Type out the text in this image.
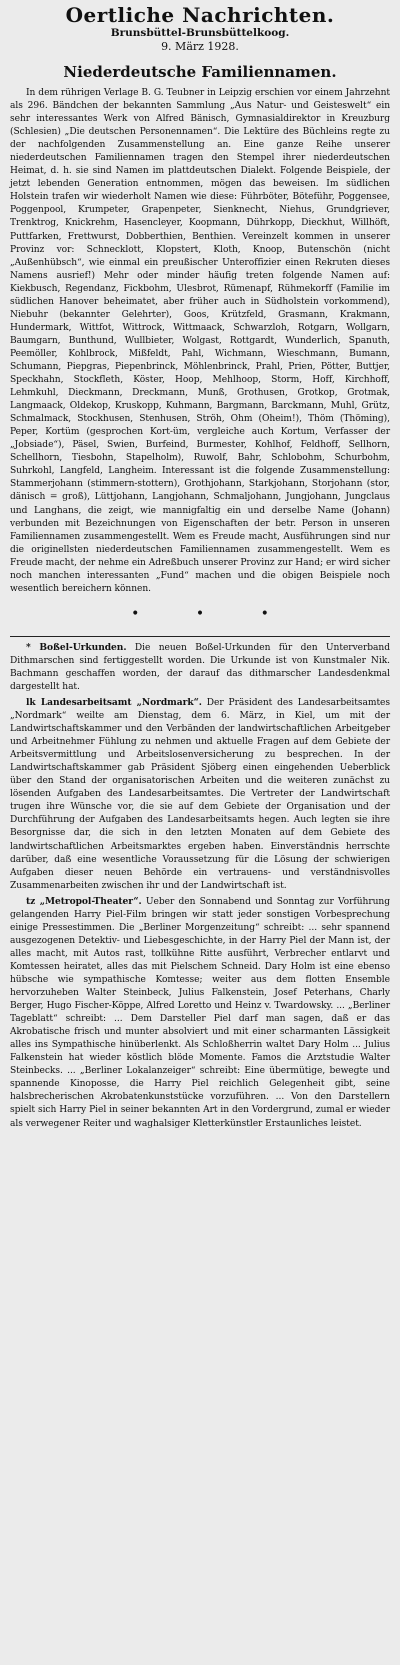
Oertliche Nachrichten.
Brunsbüttel-Brunsbüttelkoog.
9. März 1928.
Niederdeutsche Familiennamen.

In dem rührigen Verlage B. G. Teubner in Leipzig erschien vor einem Jahrzehnt als 296. Bändchen der bekannten Sammlung „Aus Natur- und Geisteswelt“ ein sehr interessantes Werk von Alfred Bänisch, Gymnasialdirektor in Kreuzburg (Schlesien) „Die deutschen Personennamen“. Die Lektüre des Büchleins regte zu der nachfolgenden Zusammenstellung an. Eine ganze Reihe unserer niederdeutschen Familiennamen tragen den Stempel ihrer niederdeutschen Heimat, d. h. sie sind Namen im plattdeutschen Dialekt. Folgende Beispiele, der jetzt lebenden Generation entnommen, mögen das beweisen. Im südlichen Holstein trafen wir wiederholt Namen wie diese: Führböter, Böteführ, Poggensee, Poggenpool, Krumpeter, Grapenpeter, Sienknecht, Niehus, Grundgriever, Trenktrog, Knickrehm, Hasencleyer, Koopmann, Dührkopp, Dieckhut, Willhöft, Puttfarken, Frettwurst, Dobberthien, Benthien. Vereinzelt kommen in unserer Provinz vor: Schnecklott, Klopstert, Kloth, Knoop, Butenschön (nicht „Außenhübsch“, wie einmal ein preußischer Unteroffizier einen Rekruten dieses Namens ausrief!) Mehr oder minder häufig treten folgende Namen auf: Kiekbusch, Regendanz, Fickbohm, Ulesbrot, Rümenapf, Rühmekorff (Familie im südlichen Hanover beheimatet, aber früher auch in Südholstein vorkommend), Niebuhr (bekannter Gelehrter), Goos, Krützfeld, Grasmann, Krakmann, Hundermark, Wittfot, Wittrock, Wittmaack, Schwarzloh, Rotgarn, Wollgarn, Baumgarn, Bunthund, Wullbieter, Wolgast, Rottgardt, Wunderlich, Spanuth, Peemöller, Kohlbrock, Mißfeldt, Pahl, Wichmann, Wieschmann, Bumann, Schumann, Piepgras, Piepenbrinck, Möhlenbrinck, Prahl, Prien, Pötter, Buttjer, Speckhahn, Stockfleth, Köster, Hoop, Mehlhoop, Storm, Hoff, Kirchhoff, Lehmkuhl, Dieckmann, Dreckmann, Munß, Grothusen, Grotkop, Grotmak, Langmaack, Oldekop, Kruskopp, Kuhmann, Bargmann, Barckmann, Muhl, Grütz, Schmalmack, Stockhusen, Stenhusen, Ströh, Ohm (Oheim!), Thöm (Thöming), Peper, Kortüm (gesprochen Kort-üm, vergleiche auch Kortum, Verfasser der „Jobsiade“), Päsel, Swien, Burfeind, Burmester, Kohlhof, Feldhoff, Sellhorn, Schellhorn, Tiesbohn, Stapelholm), Ruwolf, Bahr, Schlobohm, Schurbohm, Suhrkohl, Langfeld, Langheim. Interessant ist die folgende Zusammenstellung: Stammerjohann (stimmern-stottern), Grothjohann, Starkjohann, Storjohann (stor, dänisch = groß), Lüttjohann, Langjohann, Schmaljohann, Jungjohann, Jungclaus und Langhans, die zeigt, wie mannigfaltig ein und derselbe Name (Johann) verbunden mit Bezeichnungen von Eigenschaften der betr. Person in unseren Familiennamen zusammengestellt. Wem es Freude macht, Ausführungen sind nur die originellsten niederdeutschen Familiennamen zusammengestellt. Wem es Freude macht, der nehme ein Adreßbuch unserer Provinz zur Hand; er wird sicher noch manchen interessanten „Fund“ machen und die obigen Beispiele noch wesentlich bereichern können.

• • •

* Boßel-Urkunden. Die neuen Boßel-Urkunden für den Unterverband Dithmarschen sind fertiggestellt worden. Die Urkunde ist von Kunstmaler Nik. Bachmann geschaffen worden, der darauf das dithmarscher Landesdenkmal dargestellt hat.

lk Landesarbeitsamt „Nordmark“. Der Präsident des Landesarbeitsamtes „Nordmark“ weilte am Dienstag, dem 6. März, in Kiel, um mit der Landwirtschaftskammer und den Verbänden der landwirtschaftlichen Arbeitgeber und Arbeitnehmer Fühlung zu nehmen und aktuelle Fragen auf dem Gebiete der Arbeitsvermittlung und Arbeitslosenversicherung zu besprechen. In der Landwirtschaftskammer gab Präsident Sjöberg einen eingehenden Ueberblick über den Stand der organisatorischen Arbeiten und die weiteren zunächst zu lösenden Aufgaben des Landesarbeitsamtes. Die Vertreter der Landwirtschaft trugen ihre Wünsche vor, die sie auf dem Gebiete der Organisation und der Durchführung der Aufgaben des Landesarbeitsamts hegen. Auch legten sie ihre Besorgnisse dar, die sich in den letzten Monaten auf dem Gebiete des landwirtschaftlichen Arbeitsmarktes ergeben haben. Einverständnis herrschte darüber, daß eine wesentliche Voraussetzung für die Lösung der schwierigen Aufgaben dieser neuen Behörde ein vertrauens- und verständnisvolles Zusammenarbeiten zwischen ihr und der Landwirtschaft ist.

tz „Metropol-Theater“. Ueber den Sonnabend und Sonntag zur Vorführung gelangenden Harry Piel-Film bringen wir statt jeder sonstigen Vorbesprechung einige Pressestimmen. Die „Berliner Morgenzeitung“ schreibt: ... sehr spannend ausgezogenen Detektiv- und Liebesgeschichte, in der Harry Piel der Mann ist, der alles macht, mit Autos rast, tollkühne Ritte ausführt, Verbrecher entlarvt und Komtessen heiratet, alles das mit Pielschem Schneid. Dary Holm ist eine ebenso hübsche wie sympathische Komtesse; weiter aus dem flotten Ensemble hervorzuheben Walter Steinbeck, Julius Falkenstein, Josef Peterhans, Charly Berger, Hugo Fischer-Köppe, Alfred Loretto und Heinz v. Twardowsky. ... „Berliner Tageblatt“ schreibt: ... Dem Darsteller Piel darf man sagen, daß er das Akrobatische frisch und munter absolviert und mit einer scharmanten Lässigkeit alles ins Sympathische hinüberlenkt. Als Schloßherrin waltet Dary Holm ... Julius Falkenstein hat wieder köstlich blöde Momente. Famos die Arztstudie Walter Steinbecks. ... „Berliner Lokalanzeiger“ schreibt: Eine übermütige, bewegte und spannende Kinoposse, die Harry Piel reichlich Gelegenheit gibt, seine halsbrecherischen Akrobatenkunststücke vorzuführen. ... Von den Darstellern spielt sich Harry Piel in seiner bekannten Art in den Vordergrund, zumal er wieder als verwegener Reiter und waghalsiger Kletterkünstler Erstaunliches leistet.
